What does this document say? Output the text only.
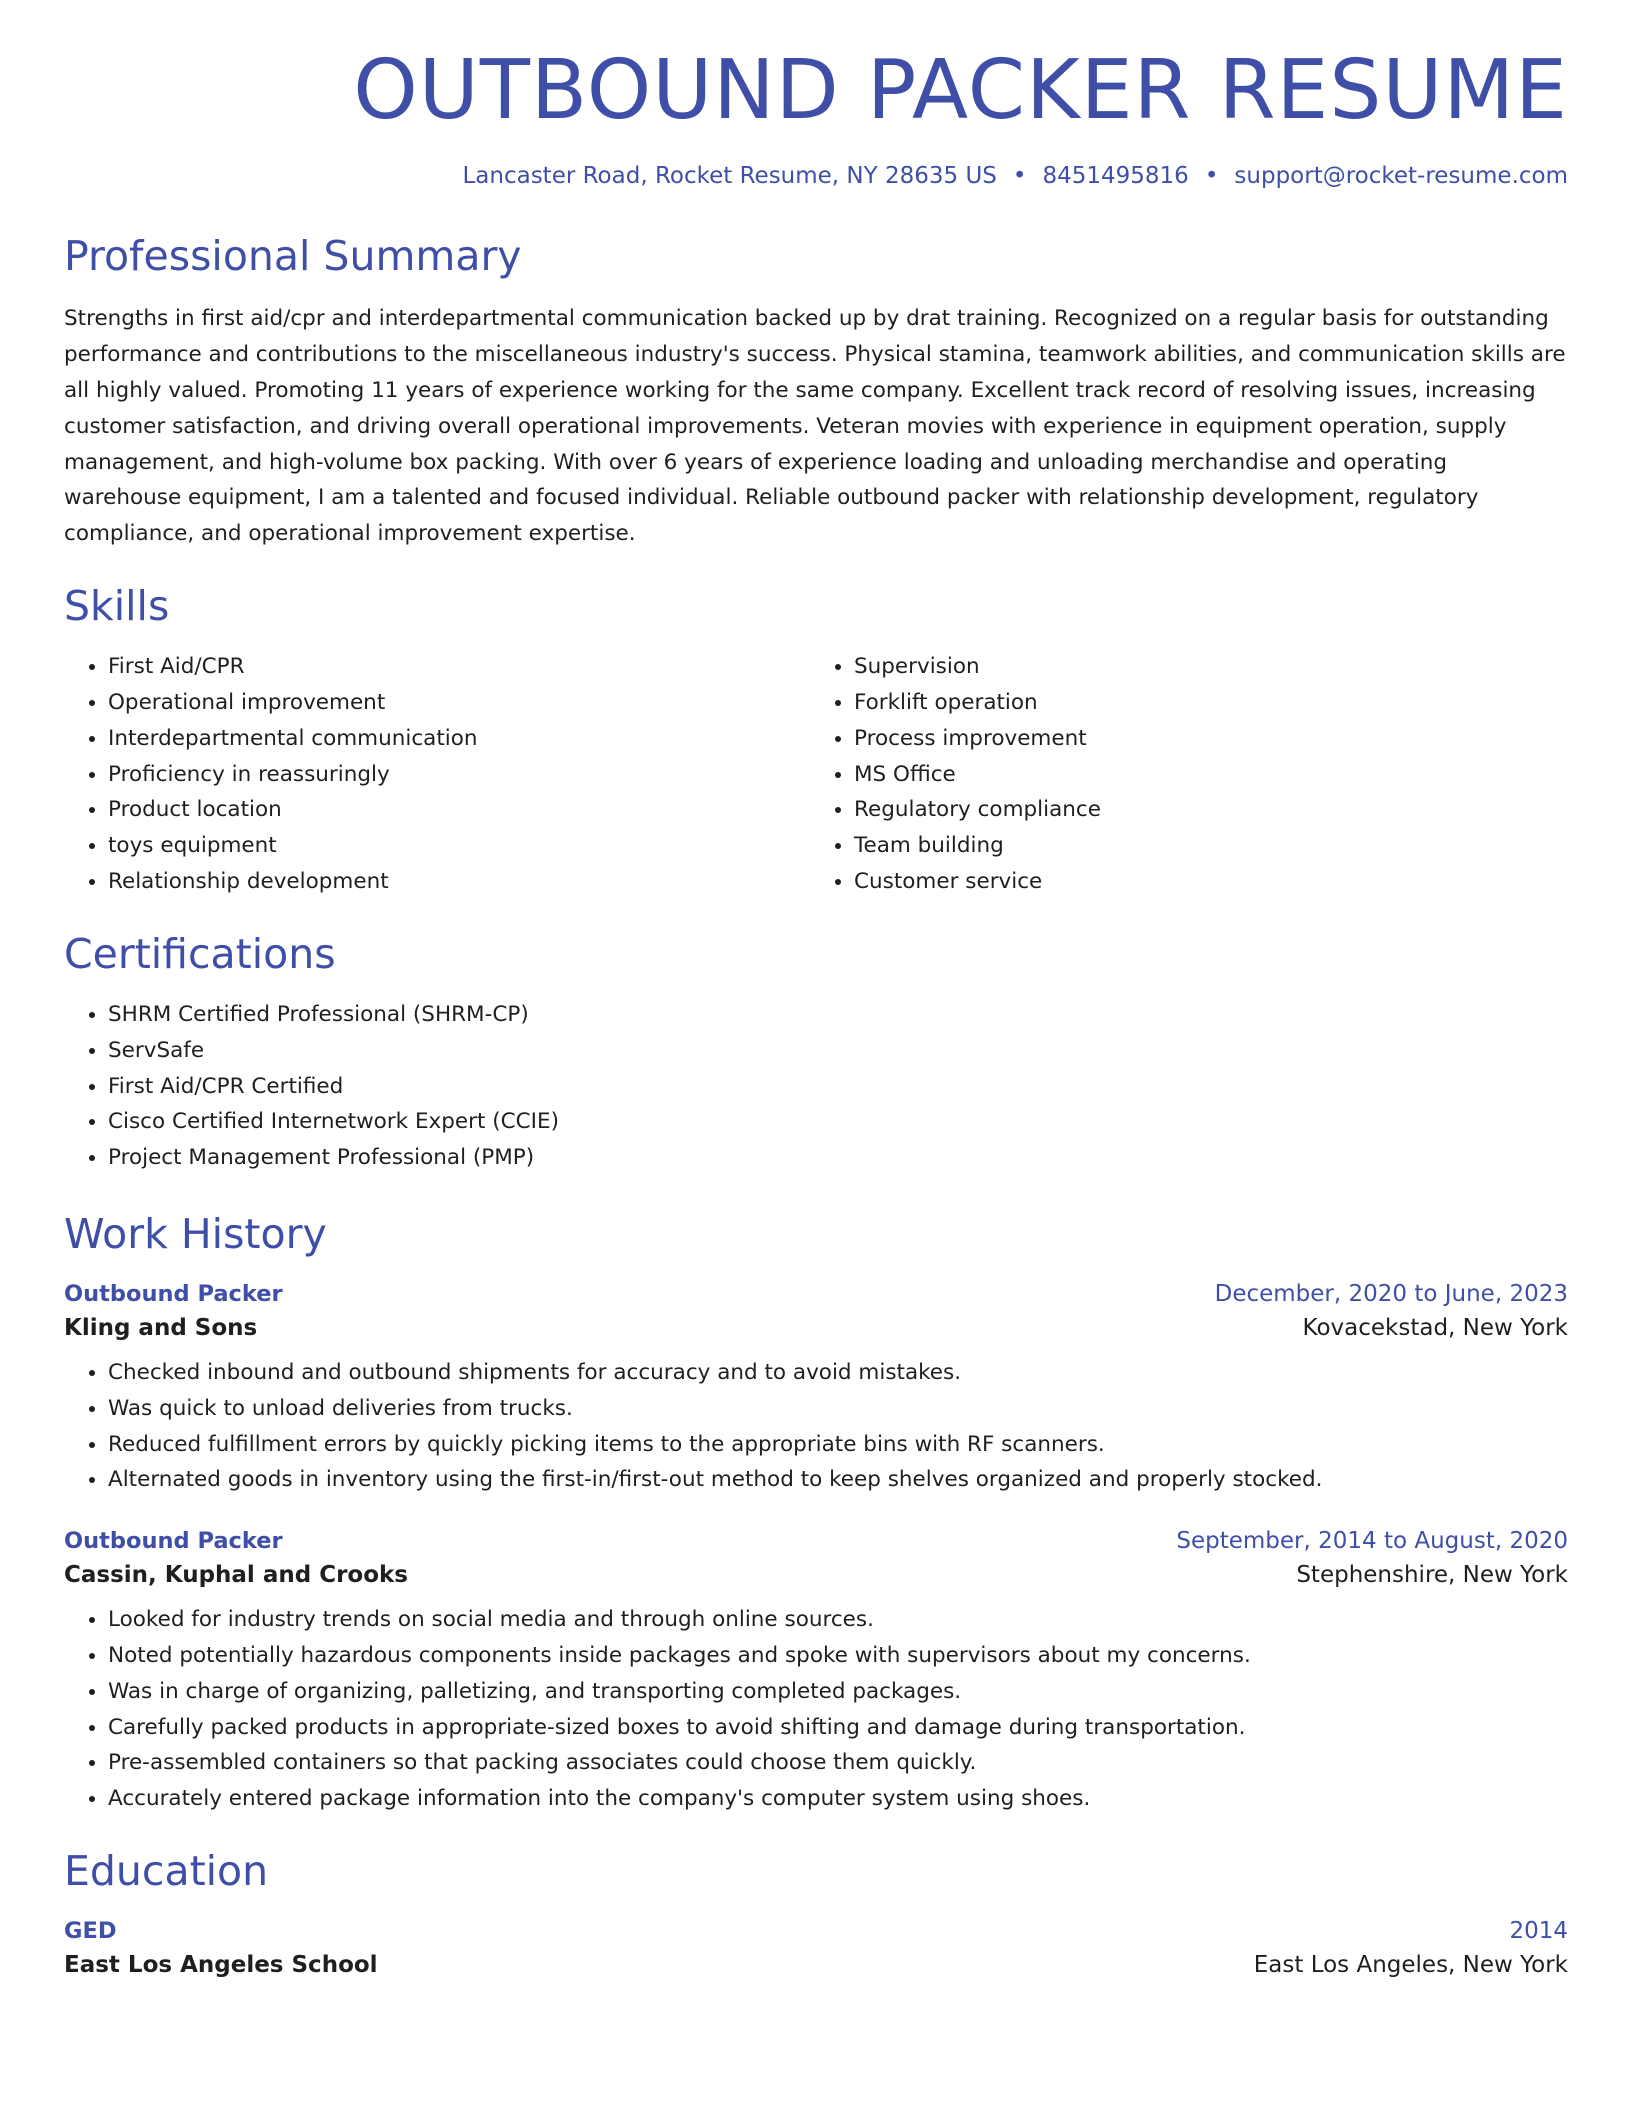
OUTBOUND PACKER RESUME
Lancaster Road, Rocket Resume, NY 28635 US • 8451495816 • support@rocket-resume.com
Professional Summary
Strengths in first aid/cpr and interdepartmental communication backed up by drat training. Recognized on a regular basis for outstanding performance and contributions to the miscellaneous industry's success. Physical stamina, teamwork abilities, and communication skills are all highly valued. Promoting 11 years of experience working for the same company. Excellent track record of resolving issues, increasing customer satisfaction, and driving overall operational improvements. Veteran movies with experience in equipment operation, supply management, and high-volume box packing. With over 6 years of experience loading and unloading merchandise and operating warehouse equipment, I am a talented and focused individual. Reliable outbound packer with relationship development, regulatory compliance, and operational improvement expertise.
Skills
• First Aid/CPR
• Operational improvement
• Interdepartmental communication
• Proficiency in reassuringly
• Product location
• toys equipment
• Relationship development
• Supervision
• Forklift operation
• Process improvement
• MS Office
• Regulatory compliance
• Team building
• Customer service
Certifications
• SHRM Certified Professional (SHRM-CP)
• ServSafe
• First Aid/CPR Certified
• Cisco Certified Internetwork Expert (CCIE)
• Project Management Professional (PMP)
Work History
Outbound Packer	December, 2020 to June, 2023
Kling and Sons	Kovacekstad, New York
• Checked inbound and outbound shipments for accuracy and to avoid mistakes.
• Was quick to unload deliveries from trucks.
• Reduced fulfillment errors by quickly picking items to the appropriate bins with RF scanners.
• Alternated goods in inventory using the first-in/first-out method to keep shelves organized and properly stocked.
Outbound Packer	September, 2014 to August, 2020
Cassin, Kuphal and Crooks	Stephenshire, New York
• Looked for industry trends on social media and through online sources.
• Noted potentially hazardous components inside packages and spoke with supervisors about my concerns.
• Was in charge of organizing, palletizing, and transporting completed packages.
• Carefully packed products in appropriate-sized boxes to avoid shifting and damage during transportation.
• Pre-assembled containers so that packing associates could choose them quickly.
• Accurately entered package information into the company's computer system using shoes.
Education
GED	2014
East Los Angeles School	East Los Angeles, New York
